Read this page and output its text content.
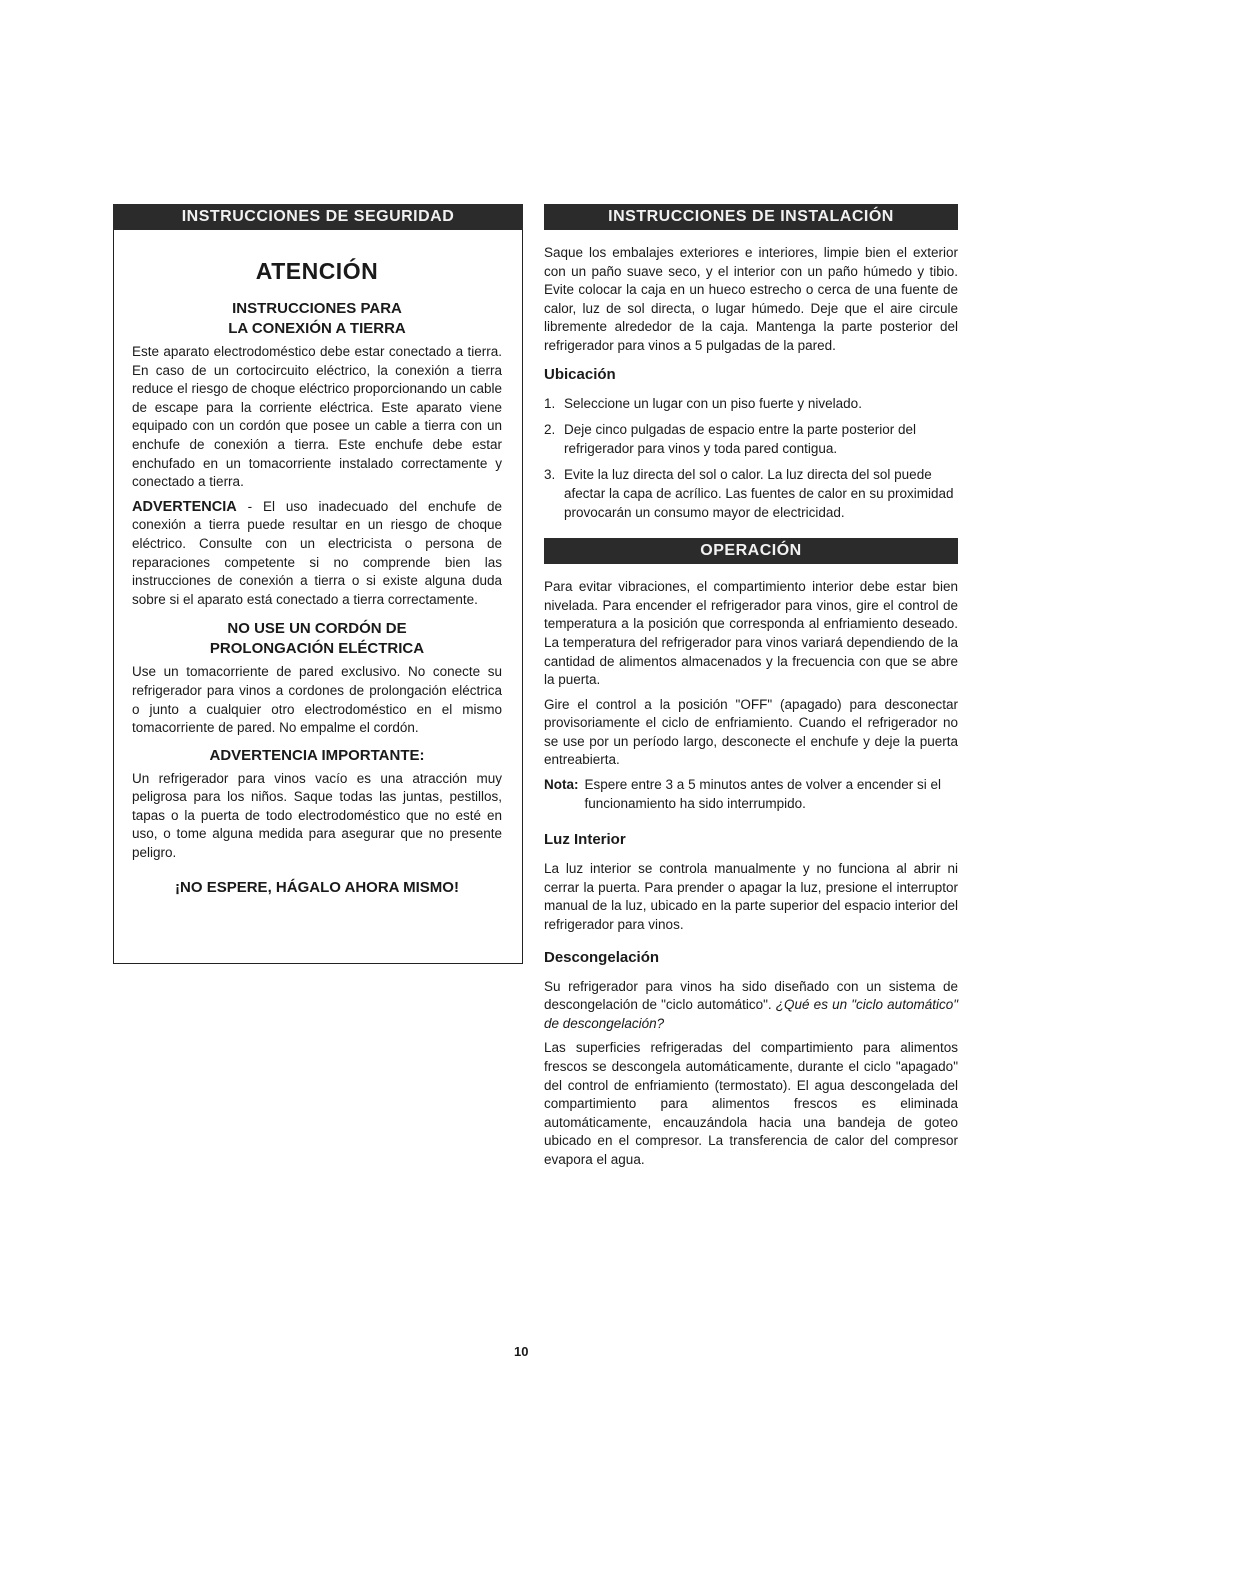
INSTRUCCIONES DE SEGURIDAD
ATENCIÓN
INSTRUCCIONES PARA
LA CONEXIÓN A TIERRA

Este aparato electrodoméstico debe estar conectado a tierra. En caso de un cortocircuito eléctrico, la conexión a tierra reduce el riesgo de choque eléctrico proporcionando un cable de escape para la corriente eléctrica. Este aparato viene equipado con un cordón que posee un cable a tierra con un enchufe de conexión a tierra. Este enchufe debe estar enchufado en un tomacorriente instalado correctamente y conectado a tierra.

ADVERTENCIA - El uso inadecuado del enchufe de conexión a tierra puede resultar en un riesgo de choque eléctrico. Consulte con un electricista o persona de reparaciones competente si no comprende bien las instrucciones de conexión a tierra o si existe alguna duda sobre si el aparato está conectado a tierra correctamente.

NO USE UN CORDÓN DE
PROLONGACIÓN ELÉCTRICA

Use un tomacorriente de pared exclusivo. No conecte su refrigerador para vinos a cordones de prolongación eléctrica o junto a cualquier otro electrodoméstico en el mismo tomacorriente de pared. No empalme el cordón.

ADVERTENCIA IMPORTANTE:

Un refrigerador para vinos vacío es una atracción muy peligrosa para los niños. Saque todas las juntas, pestillos, tapas o la puerta de todo electrodoméstico que no esté en uso, o tome alguna medida para asegurar que no presente peligro.

¡NO ESPERE, HÁGALO AHORA MISMO!
INSTRUCCIONES DE INSTALACIÓN

Saque los embalajes exteriores e interiores, limpie bien el exterior con un paño suave seco, y el interior con un paño húmedo y tibio. Evite colocar la caja en un hueco estrecho o cerca de una fuente de calor, luz de sol directa, o lugar húmedo. Deje que el aire circule libremente alrededor de la caja. Mantenga la parte posterior del refrigerador para vinos a 5 pulgadas de la pared.

Ubicación
1. Seleccione un lugar con un piso fuerte y nivelado.
2. Deje cinco pulgadas de espacio entre la parte posterior del refrigerador para vinos y toda pared contigua.
3. Evite la luz directa del sol o calor. La luz directa del sol puede afectar la capa de acrílico. Las fuentes de calor en su proximidad provocarán un consumo mayor de electricidad.
OPERACIÓN

Para evitar vibraciones, el compartimiento interior debe estar bien nivelada. Para encender el refrigerador para vinos, gire el control de temperatura a la posición que corresponda al enfriamiento deseado. La temperatura del refrigerador para vinos variará dependiendo de la cantidad de alimentos almacenados y la frecuencia con que se abre la puerta.

Gire el control a la posición "OFF" (apagado) para desconectar provisoriamente el ciclo de enfriamiento. Cuando el refrigerador no se use por un período largo, desconecte el enchufe y deje la puerta entreabierta.

Nota: Espere entre 3 a 5 minutos antes de volver a encender si el funcionamiento ha sido interrumpido.
Luz Interior

La luz interior se controla manualmente y no funciona al abrir ni cerrar la puerta. Para prender o apagar la luz, presione el interruptor manual de la luz, ubicado en la parte superior del espacio interior del refrigerador para vinos.

Descongelación

Su refrigerador para vinos ha sido diseñado con un sistema de descongelación de "ciclo automático". ¿Qué es un "ciclo automático" de descongelación?

Las superficies refrigeradas del compartimiento para alimentos frescos se descongela automáticamente, durante el ciclo "apagado" del control de enfriamiento (termostato). El agua descongelada del compartimiento para alimentos frescos es eliminada automáticamente, encauzándola hacia una bandeja de goteo ubicado en el compresor. La transferencia de calor del compresor evapora el agua.

10
